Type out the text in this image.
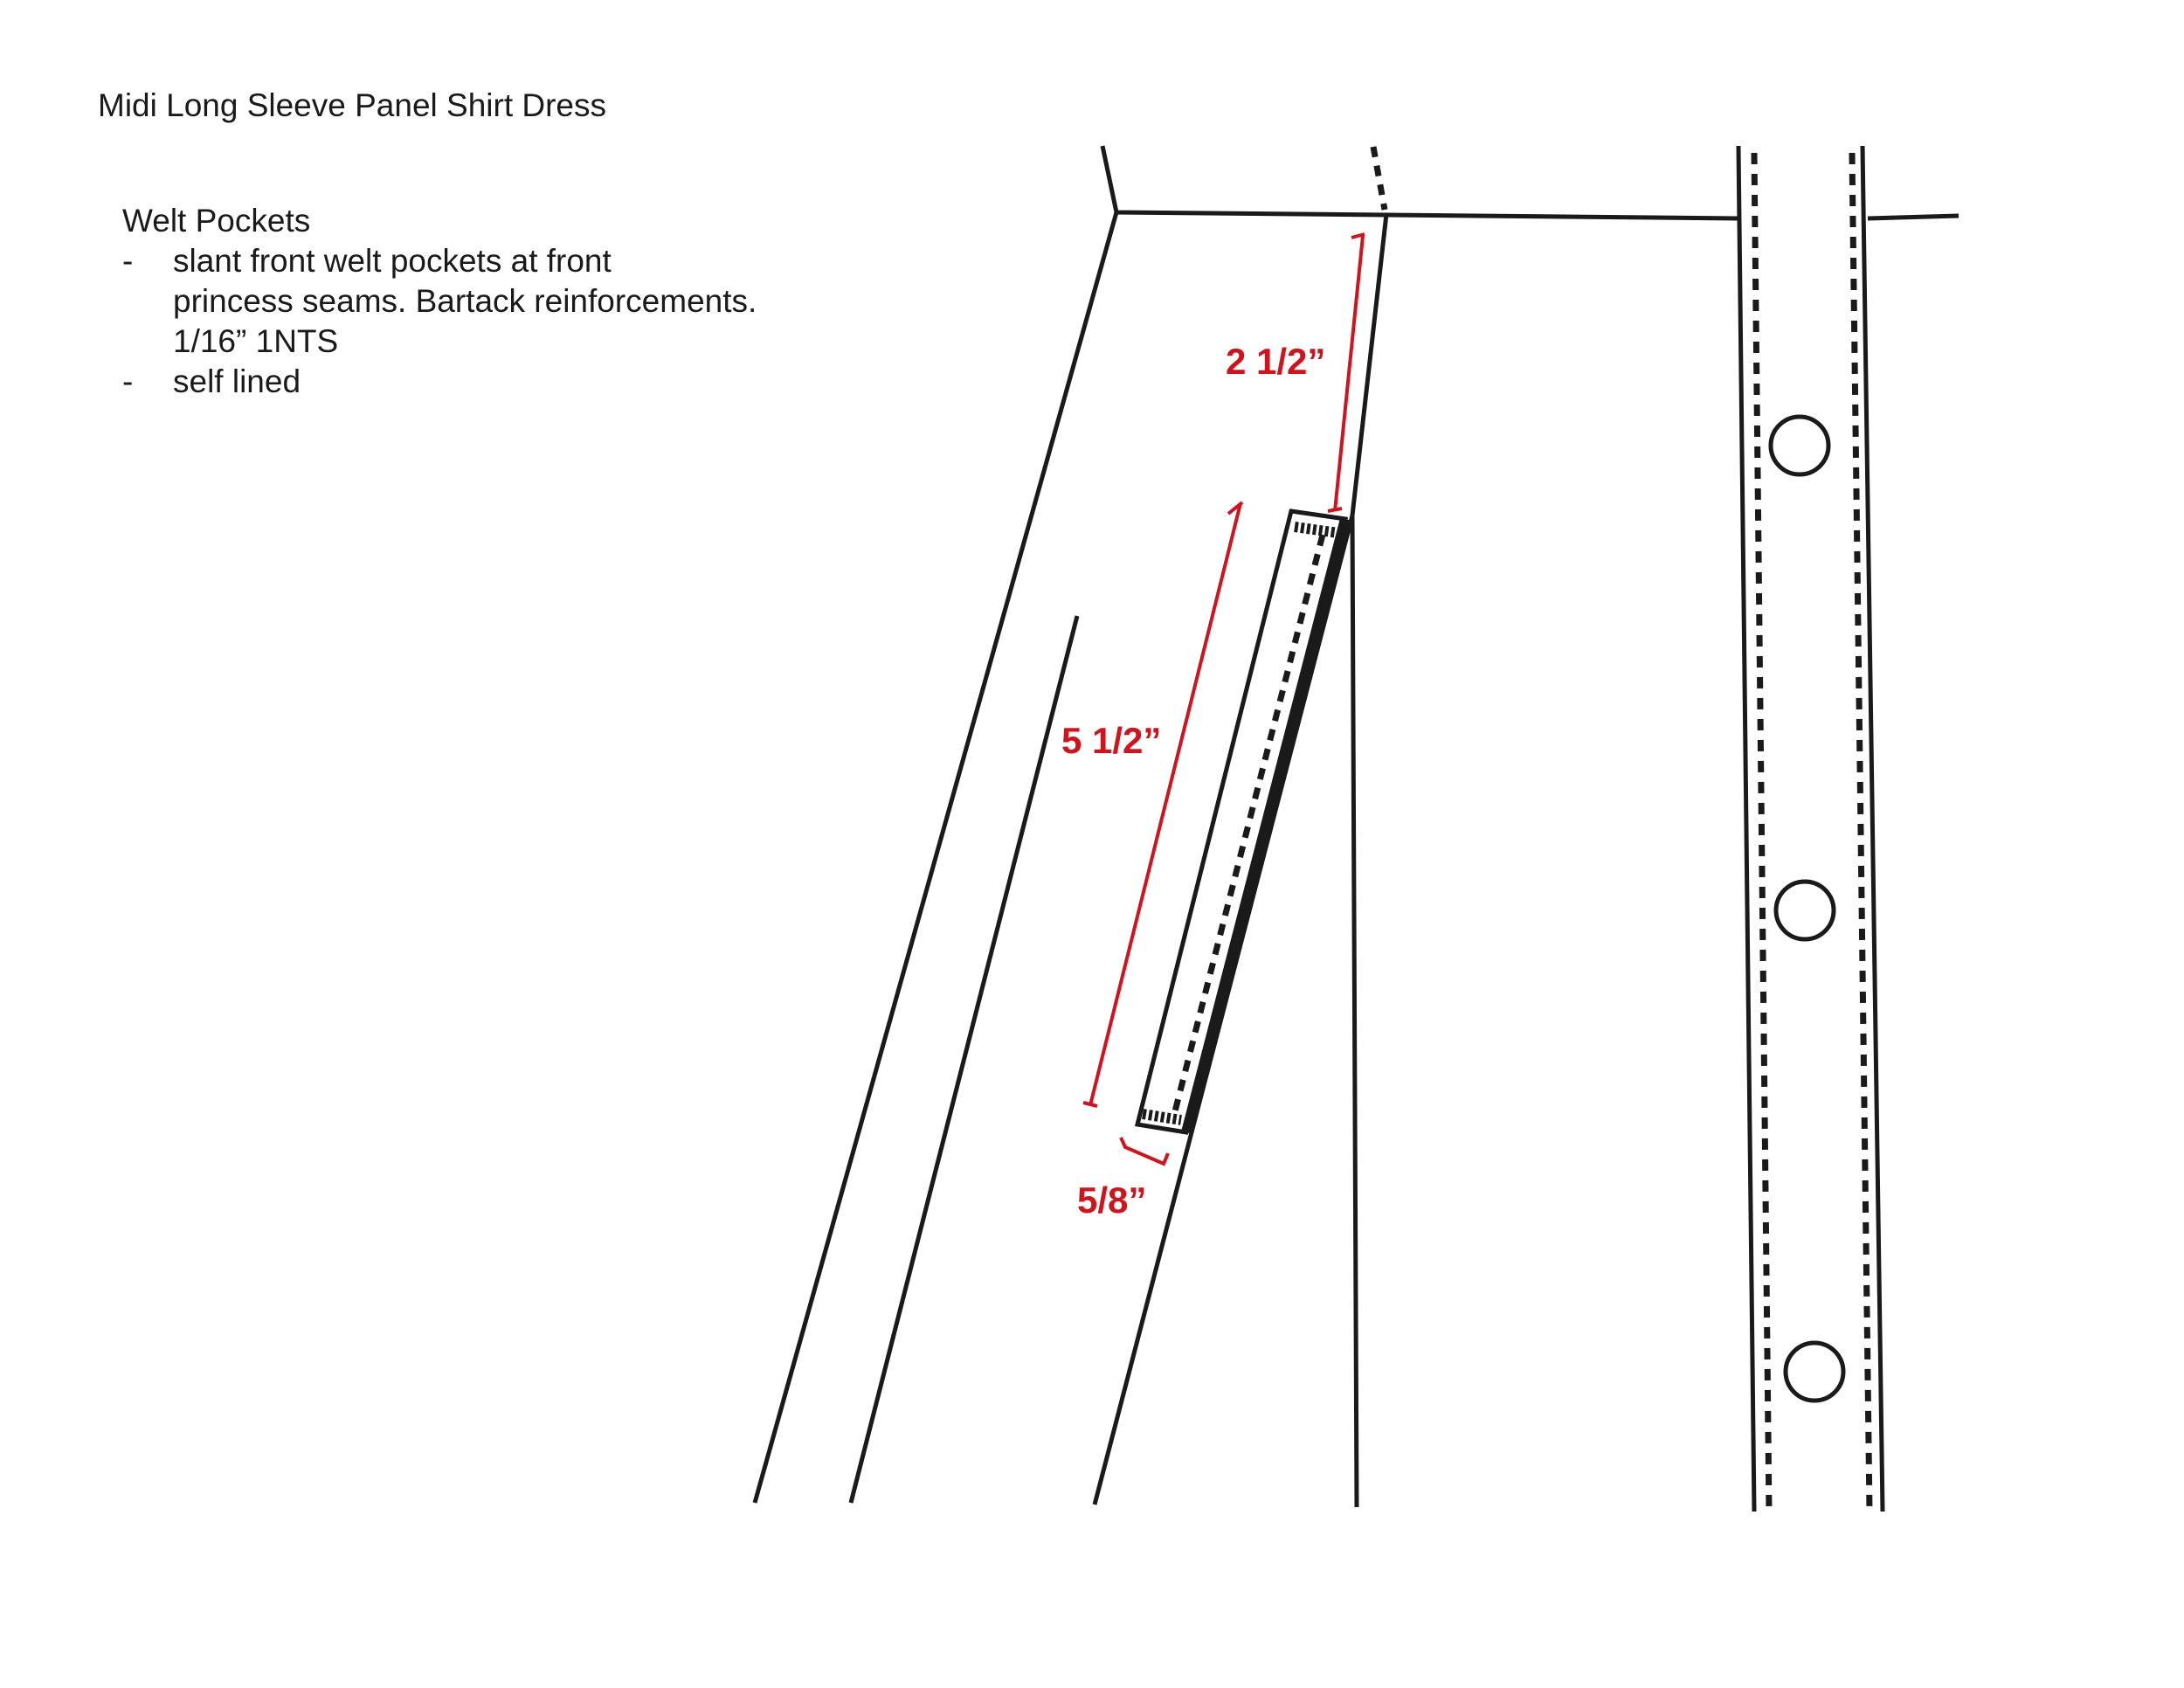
Midi Long Sleeve Panel Shirt Dress
Welt Pockets
-	slant front welt pockets at front
princess seams. Bartack reinforcements.
1/16” 1NTS
-	self lined	2 1/2”
5 1/2”
5/8”
